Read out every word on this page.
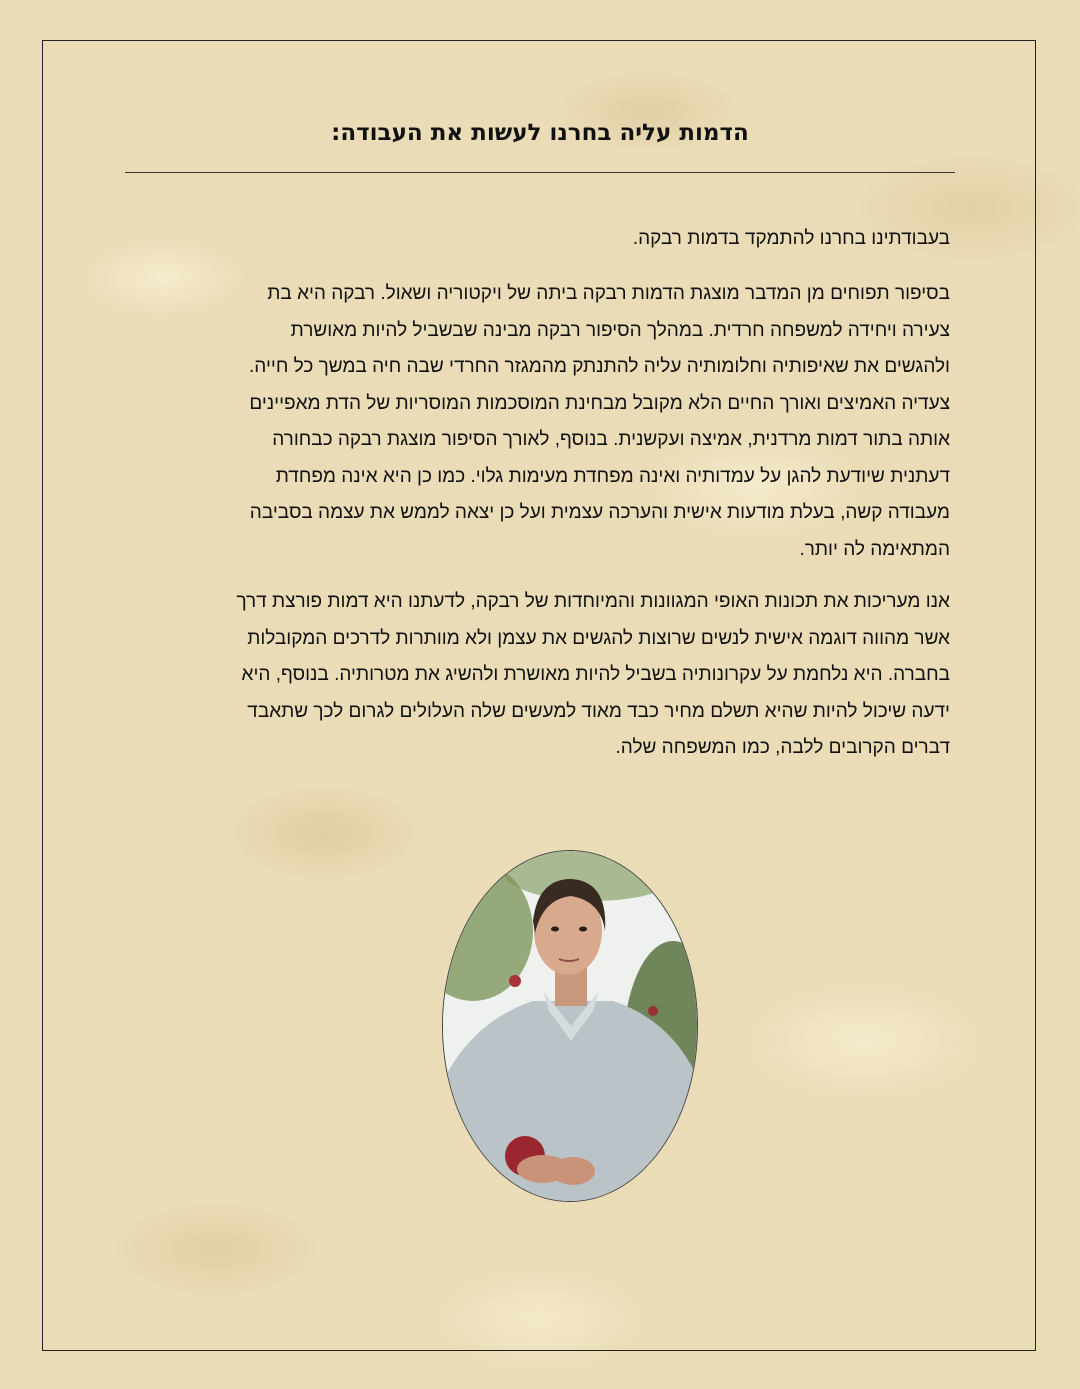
הדמות עליה בחרנו לעשות את העבודה:
בעבודתינו בחרנו להתמקד בדמות רבקה.
בסיפור תפוחים מן המדבר מוצגת הדמות רבקה ביתה של ויקטוריה ושאול. רבקה היא בת
צעירה ויחידה למשפחה חרדית. במהלך הסיפור רבקה מבינה שבשביל להיות מאושרת
ולהגשים את שאיפותיה וחלומותיה עליה להתנתק מהמגזר החרדי שבה חיה במשך כל חייה.
צעדיה האמיצים ואורך החיים הלא מקובל מבחינת המוסכמות המוסריות של הדת מאפיינים
אותה בתור דמות מרדנית, אמיצה ועקשנית. בנוסף, לאורך הסיפור מוצגת רבקה כבחורה
דעתנית שיודעת להגן על עמדותיה ואינה מפחדת מעימות גלוי. כמו כן היא אינה מפחדת
מעבודה קשה, בעלת מודעות אישית והערכה עצמית ועל כן יצאה לממש את עצמה בסביבה
המתאימה לה יותר.
אנו מעריכות את תכונות האופי המגוונות והמיוחדות של רבקה, לדעתנו היא דמות פורצת דרך
אשר מהווה דוגמה אישית לנשים שרוצות להגשים את עצמן ולא מוותרות לדרכים המקובלות
בחברה. היא נלחמת על עקרונותיה בשביל להיות מאושרת ולהשיג את מטרותיה. בנוסף, היא
ידעה שיכול להיות שהיא תשלם מחיר כבד מאוד למעשים שלה העלולים לגרום לכך שתאבד
דברים הקרובים ללבה, כמו המשפחה שלה.
